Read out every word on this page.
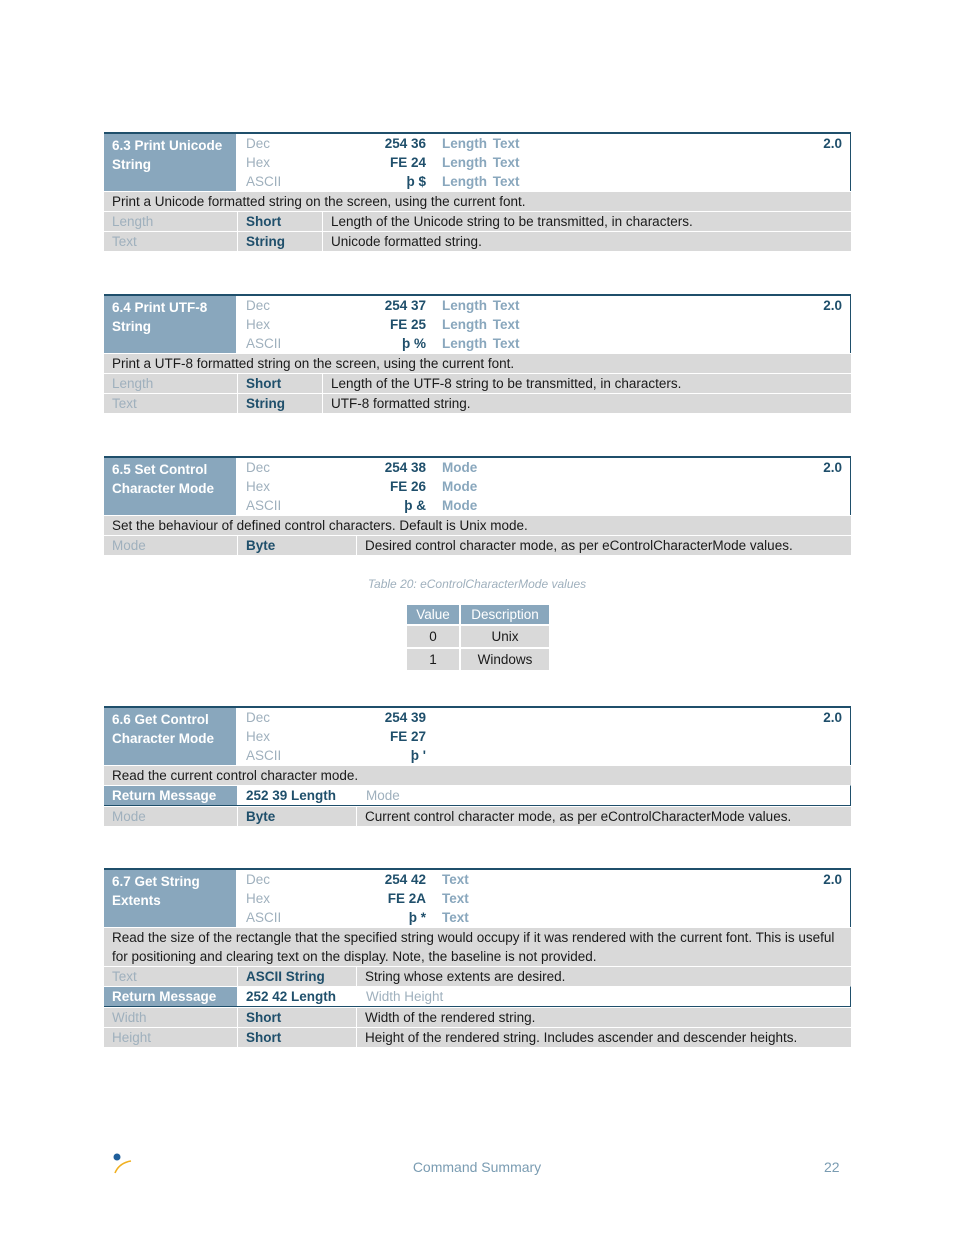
6.3 Print Unicode String
Dec	254 36 Length Text
Hex	FE 24 Length Text
ASCII	þ $ Length Text
2.0
Print a Unicode formatted string on the screen, using the current font.
Length	Short	Length of the Unicode string to be transmitted, in characters.
Text	String	Unicode formatted string.
6.4 Print UTF-8 String
Dec	254 37 Length Text
Hex	FE 25 Length Text
ASCII	þ % Length Text
2.0
Print a UTF-8 formatted string on the screen, using the current font.
Length	Short	Length of the UTF-8 string to be transmitted, in characters.
Text	String	UTF-8 formatted string.
6.5 Set Control Character Mode
Dec	254 38 Mode
Hex	FE 26 Mode
ASCII	þ & Mode
2.0
Set the behaviour of defined control characters. Default is Unix mode.
Mode	Byte	Desired control character mode, as per eControlCharacterMode values.
Table 20: eControlCharacterMode values
Value	Description
0	Unix
1	Windows
6.6 Get Control Character Mode
Dec	254 39
Hex	FE 27
ASCII	þ '
2.0
Read the current control character mode.
Return Message	252 39 Length	Mode
Mode	Byte	Current control character mode, as per eControlCharacterMode values.
6.7 Get String Extents
Dec	254 42 Text
Hex	FE 2A Text
ASCII	þ * Text
2.0
Read the size of the rectangle that the specified string would occupy if it was rendered with the current font. This is useful for positioning and clearing text on the display. Note, the baseline is not provided.
Text	ASCII String	String whose extents are desired.
Return Message	252 42 Length	Width Height
Width	Short	Width of the rendered string.
Height	Short	Height of the rendered string. Includes ascender and descender heights.
Command Summary	22
